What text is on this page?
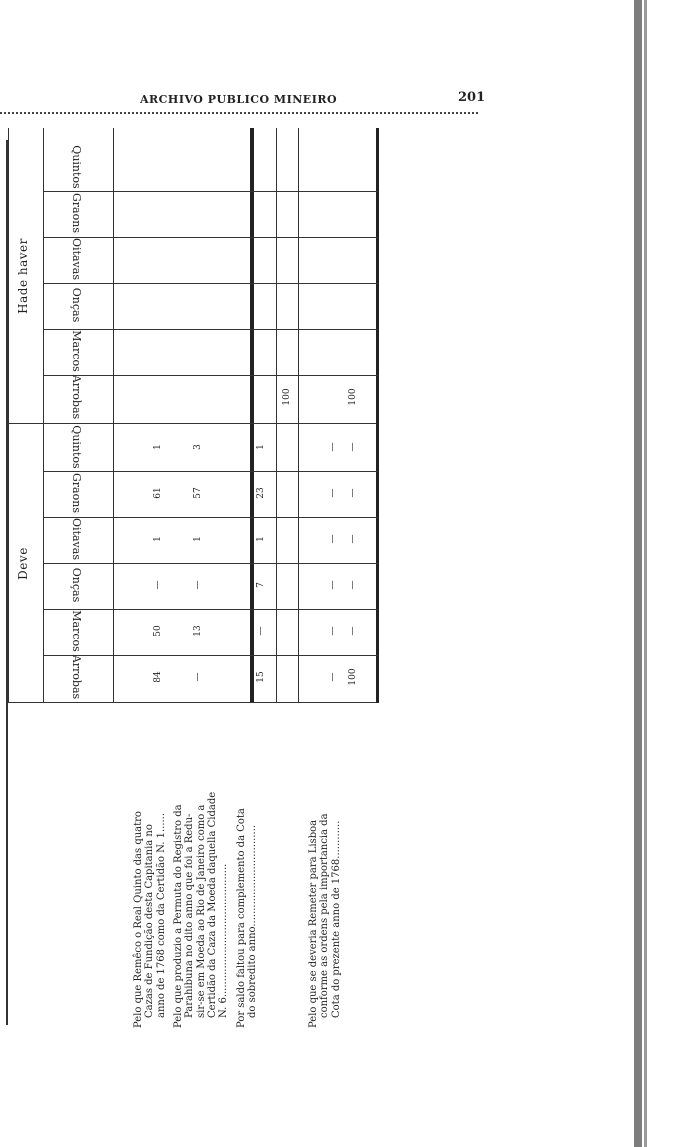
ARCHIVO PUBLICO MINEIRO	201
Deve
Hade haver
Arrobas
Marcos
Onças
Oitavas
Graons
Quintos
Arrobas
Marcos
Onças
Oitavas
Graons
Quintos
Pelo que Remêco o Real Quinto das quatro Cazas de Fundição desta Capitania no anno de 1768 como da Certidão N. 1......
84
50
—
1
61
1
Pelo que produzio a Permuta do Registro da Parahibuna no dito anno que foi a Redu- sir-se em Moeda ao Rio de Janeiro como a Certidão da Caza da Moeda daquella Cidade N. 6..........................................
—
13
—
1
57
3
Por saldo faltou para complemento da Cota do sobredito anno................................
15
—
7
1
23
1
Pelo que se deveria Remeter para Lisboa conforme as ordens pela importancia da Cota do prezente anno de 1768............
—
—
—
—
—
—
100
100
—
—
—
—
—
100
